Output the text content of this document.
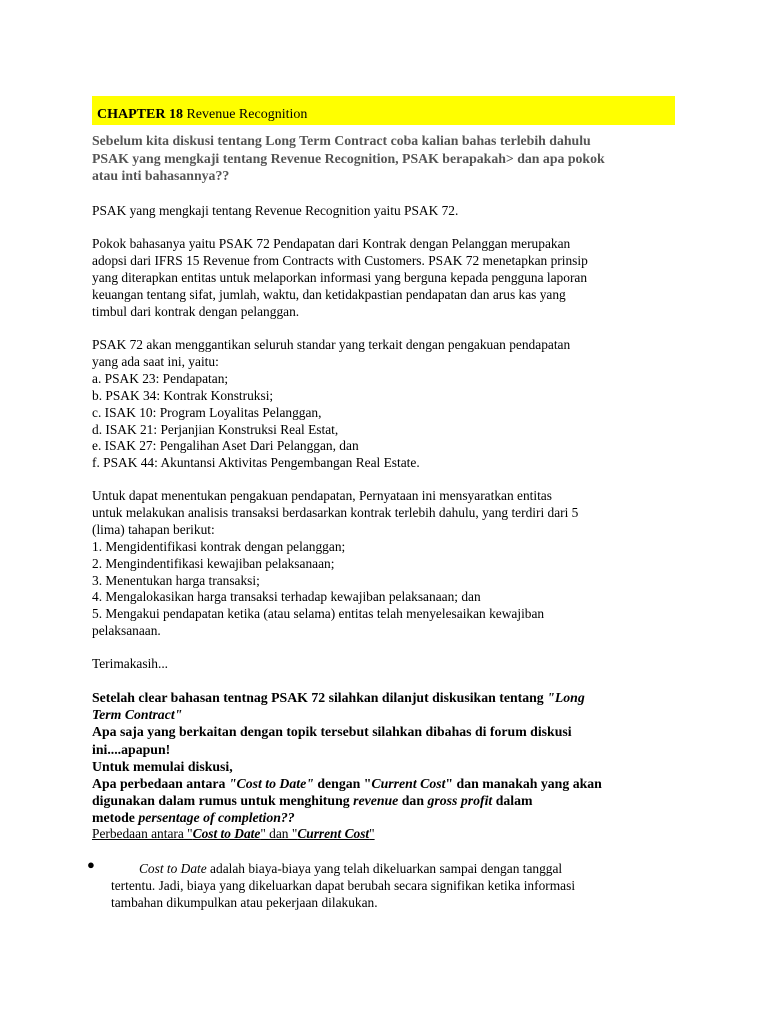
CHAPTER 18 Revenue Recognition
Sebelum kita diskusi tentang Long Term Contract coba kalian bahas terlebih dahulu
PSAK yang mengkaji tentang Revenue Recognition, PSAK berapakah> dan apa pokok
atau inti bahasannya??
PSAK yang mengkaji tentang Revenue Recognition yaitu PSAK 72.
Pokok bahasanya yaitu PSAK 72 Pendapatan dari Kontrak dengan Pelanggan merupakan
adopsi dari IFRS 15 Revenue from Contracts with Customers. PSAK 72 menetapkan prinsip
yang diterapkan entitas untuk melaporkan informasi yang berguna kepada pengguna laporan
keuangan tentang sifat, jumlah, waktu, dan ketidakpastian pendapatan dan arus kas yang
timbul dari kontrak dengan pelanggan.
PSAK 72 akan menggantikan seluruh standar yang terkait dengan pengakuan pendapatan
yang ada saat ini, yaitu:
a. PSAK 23: Pendapatan;
b. PSAK 34: Kontrak Konstruksi;
c. ISAK 10: Program Loyalitas Pelanggan,
d. ISAK 21: Perjanjian Konstruksi Real Estat,
e. ISAK 27: Pengalihan Aset Dari Pelanggan, dan
f. PSAK 44: Akuntansi Aktivitas Pengembangan Real Estate.
Untuk dapat menentukan pengakuan pendapatan, Pernyataan ini mensyaratkan entitas
untuk melakukan analisis transaksi berdasarkan kontrak terlebih dahulu, yang terdiri dari 5
(lima) tahapan berikut:
1. Mengidentifikasi kontrak dengan pelanggan;
2. Mengindentifikasi kewajiban pelaksanaan;
3. Menentukan harga transaksi;
4. Mengalokasikan harga transaksi terhadap kewajiban pelaksanaan; dan
5. Mengakui pendapatan ketika (atau selama) entitas telah menyelesaikan kewajiban
pelaksanaan.
Terimakasih...
Setelah clear bahasan tentnag PSAK 72 silahkan dilanjut diskusikan tentang "Long
Term Contract"
Apa saja yang berkaitan dengan topik tersebut silahkan dibahas di forum diskusi
ini....apapun!
Untuk memulai diskusi,
Apa perbedaan antara "Cost to Date" dengan "Current Cost" dan manakah yang akan
digunakan dalam rumus untuk menghitung revenue dan gross profit dalam
metode persentage of completion??
Perbedaan antara "Cost to Date" dan "Current Cost"
●	Cost to Date adalah biaya-biaya yang telah dikeluarkan sampai dengan tanggal
tertentu. Jadi, biaya yang dikeluarkan dapat berubah secara signifikan ketika informasi
tambahan dikumpulkan atau pekerjaan dilakukan.
